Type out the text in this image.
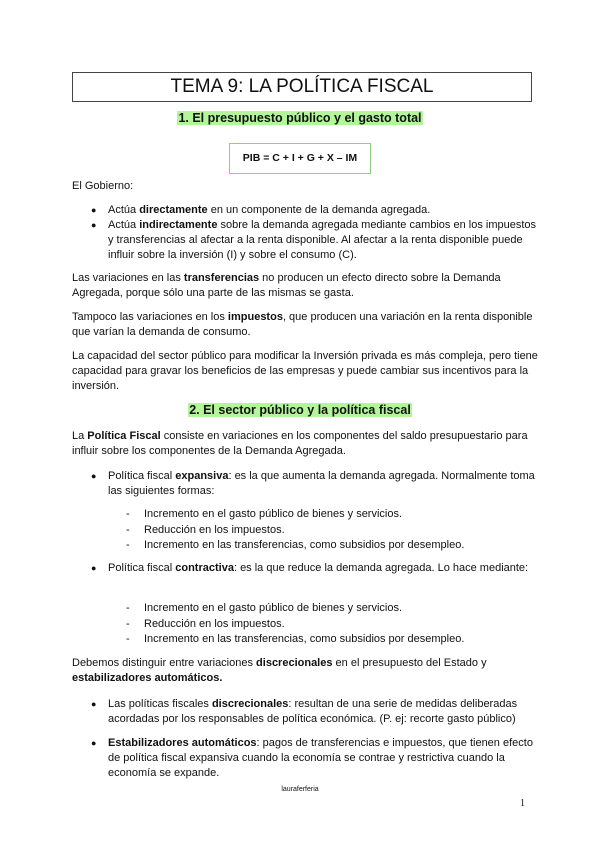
TEMA 9: LA POLÍTICA FISCAL
1. El presupuesto público y el gasto total
PIB = C + I + G + X – IM
El Gobierno:
● Actúa directamente en un componente de la demanda agregada.
● Actúa indirectamente sobre la demanda agregada mediante cambios en los impuestos y transferencias al afectar a la renta disponible. Al afectar a la renta disponible puede influir sobre la inversión (I) y sobre el consumo (C).
Las variaciones en las transferencias no producen un efecto directo sobre la Demanda Agregada, porque sólo una parte de las mismas se gasta.
Tampoco las variaciones en los impuestos, que producen una variación en la renta disponible que varían la demanda de consumo.
La capacidad del sector público para modificar la Inversión privada es más compleja, pero tiene capacidad para gravar los beneficios de las empresas y puede cambiar sus incentivos para la inversión.
2. El sector público y la política fiscal
La Política Fiscal consiste en variaciones en los componentes del saldo presupuestario para influir sobre los componentes de la Demanda Agregada.
● Política fiscal expansiva: es la que aumenta la demanda agregada. Normalmente toma las siguientes formas:
- Incremento en el gasto público de bienes y servicios.
- Reducción en los impuestos.
- Incremento en las transferencias, como subsidios por desempleo.
● Política fiscal contractiva: es la que reduce la demanda agregada. Lo hace mediante:
- Incremento en el gasto público de bienes y servicios.
- Reducción en los impuestos.
- Incremento en las transferencias, como subsidios por desempleo.
Debemos distinguir entre variaciones discrecionales en el presupuesto del Estado y estabilizadores automáticos.
● Las políticas fiscales discrecionales: resultan de una serie de medidas deliberadas acordadas por los responsables de política económica. (P. ej: recorte gasto público)
● Estabilizadores automáticos: pagos de transferencias e impuestos, que tienen efecto de política fiscal expansiva cuando la economía se contrae y restrictiva cuando la economía se expande.
lauraferferia
1
